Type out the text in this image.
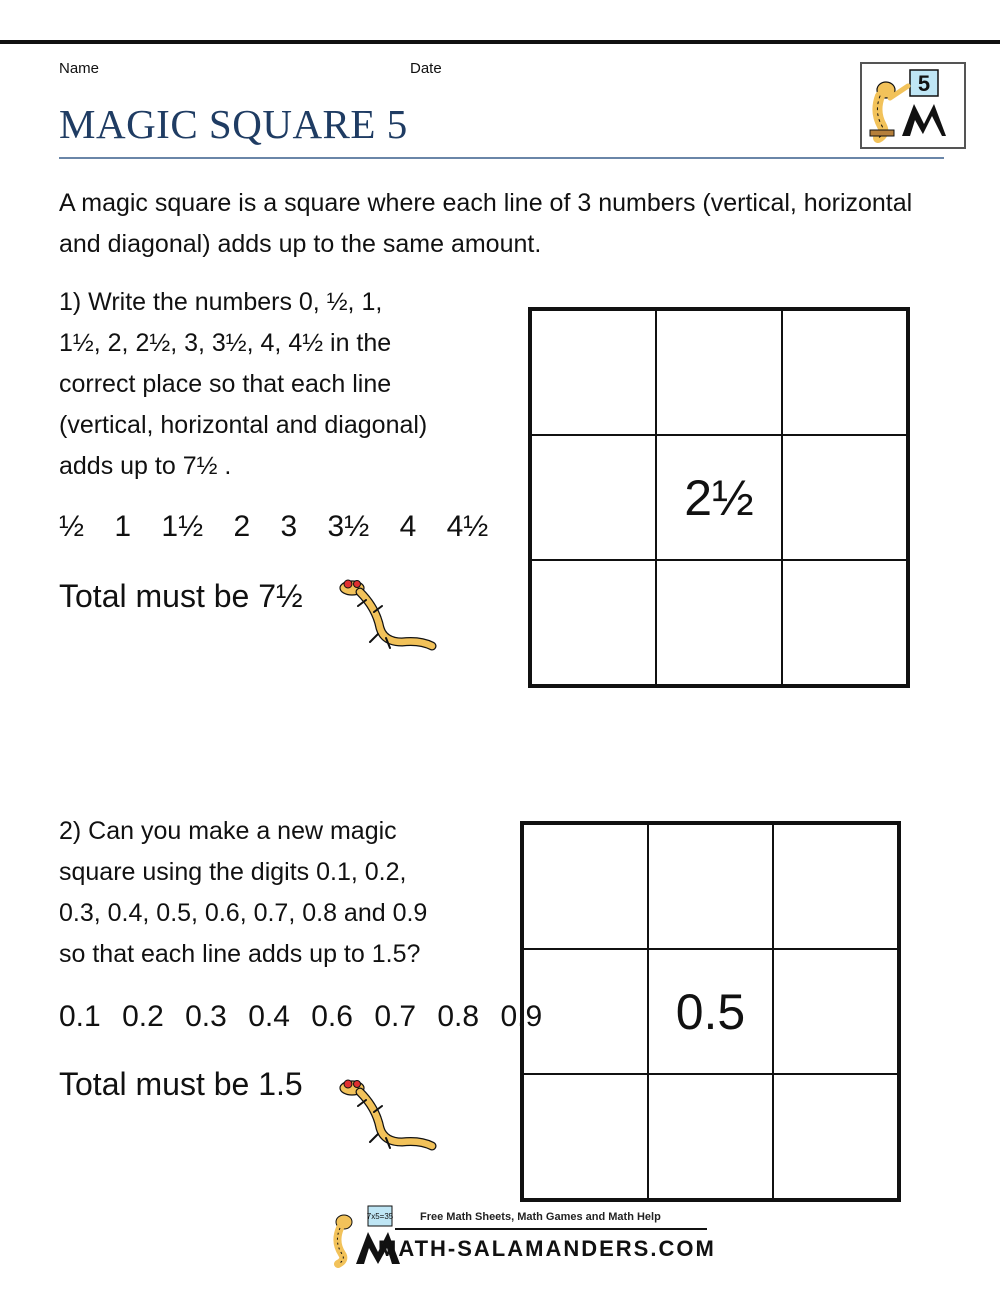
Name	Date
MAGIC SQUARE 5
5
A magic square is a square where each line of 3 numbers (vertical, horizontal and diagonal) adds up to the same amount.
1) Write the numbers 0, ½, 1,
1½, 2, 2½, 3, 3½, 4, 4½ in the
correct place so that each line
(vertical, horizontal and diagonal)
adds up to 7½ .
½ 1 1½ 2 3 3½ 4 4½
Total must be 7½
2½
2) Can you make a new magic
square using the digits 0.1, 0.2,
0.3, 0.4, 0.5, 0.6, 0.7, 0.8 and 0.9
so that each line adds up to 1.5?
0.1 0.2 0.3 0.4 0.6 0.7 0.8 0.9
Total must be 1.5
0.5
7x5=35 Free Math Sheets, Math Games and Math Help
MATH-SALAMANDERS.COM
